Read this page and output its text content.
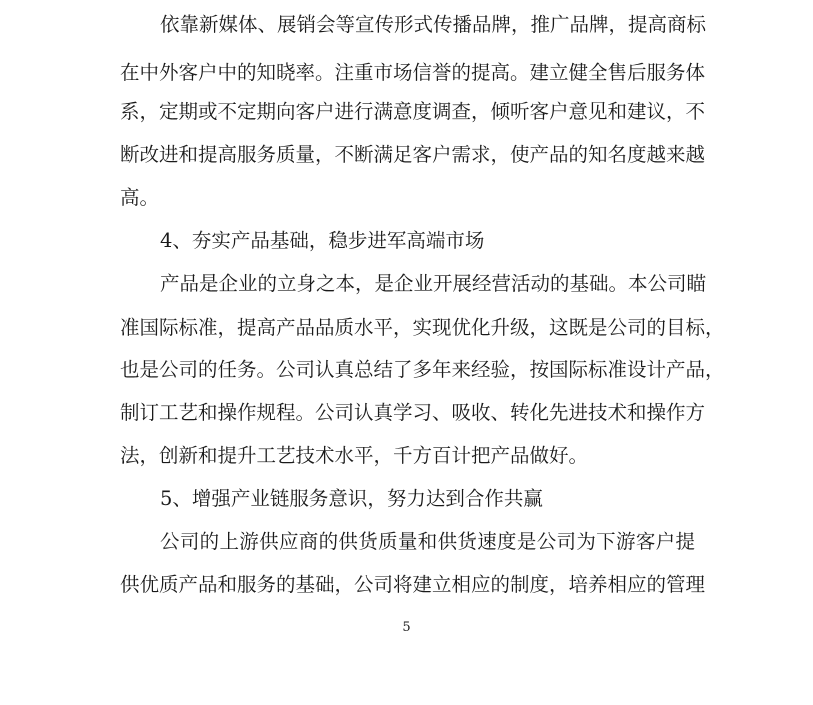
依靠新媒体、展销会等宣传形式传播品牌，推广品牌，提高商标
在中外客户中的知晓率。注重市场信誉的提高。建立健全售后服务体
系，定期或不定期向客户进行满意度调查，倾听客户意见和建议，不
断改进和提高服务质量，不断满足客户需求，使产品的知名度越来越
高。
4、夯实产品基础，稳步进军高端市场
产品是企业的立身之本，是企业开展经营活动的基础。本公司瞄
准国际标准，提高产品品质水平，实现优化升级，这既是公司的目标，
也是公司的任务。公司认真总结了多年来经验，按国际标准设计产品，
制订工艺和操作规程。公司认真学习、吸收、转化先进技术和操作方
法，创新和提升工艺技术水平，千方百计把产品做好。
5、增强产业链服务意识，努力达到合作共赢
公司的上游供应商的供货质量和供货速度是公司为下游客户提
供优质产品和服务的基础，公司将建立相应的制度，培养相应的管理
5
